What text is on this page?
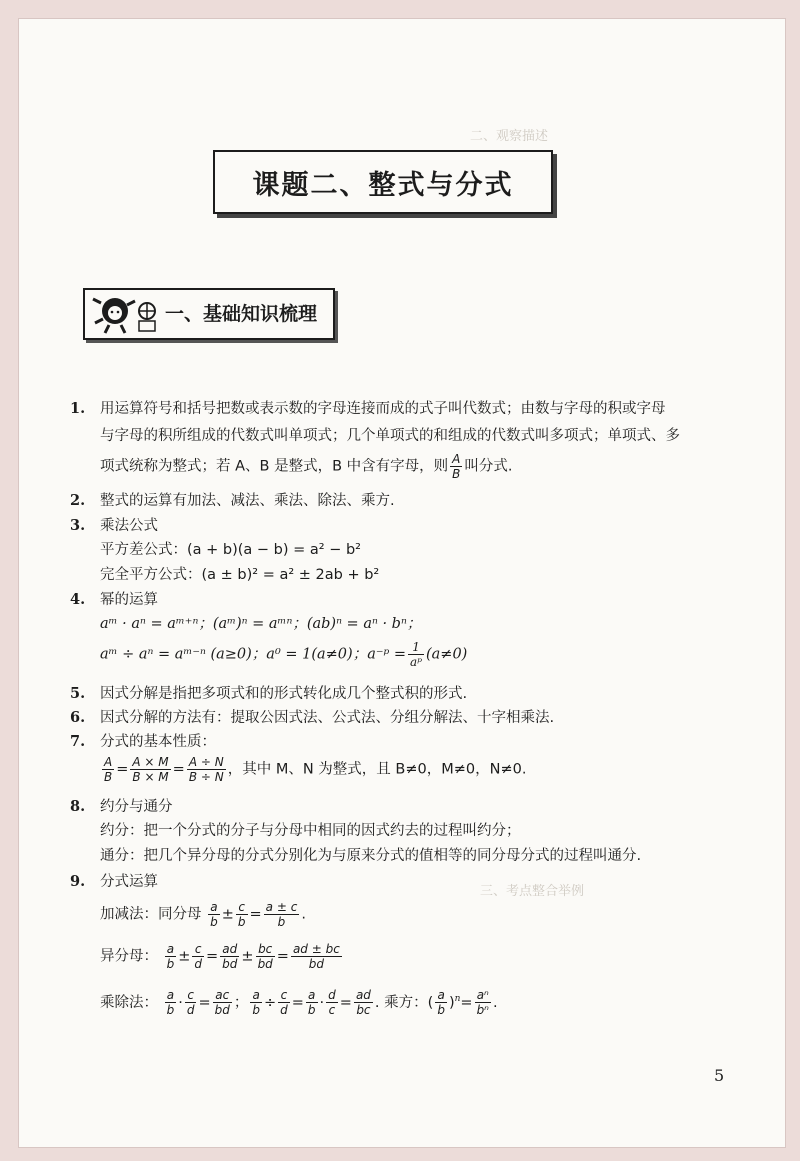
二、观察描述
三、考点整合举例
课题二、整式与分式
一、基础知识梳理
1. 用运算符号和括号把数或表示数的字母连接而成的式子叫代数式；由数与字母的积或字母
与字母的积所组成的代数式叫单项式；几个单项式的和组成的代数式叫多项式；单项式、多
项式统称为整式；若 A、B 是整式，B 中含有字母，则 $\frac{A}{B}$ 叫分式.
2. 整式的运算有加法、减法、乘法、除法、乘方.
3. 乘法公式
平方差公式：(a + b)(a − b) = a² − b²
完全平方公式：(a ± b)² = a² ± 2ab + b²
4. 幂的运算
aᵐ · aⁿ = aᵐ⁺ⁿ；(aᵐ)ⁿ = aᵐⁿ；(ab)ⁿ = aⁿ · bⁿ；
aᵐ ÷ aⁿ = aᵐ⁻ⁿ (a≥0)；a⁰ = 1(a≠0)；a⁻ᵖ = $\frac{1}{\text{aᵖ}} (a\ne 0)$
5. 因式分解是指把多项式和的形式转化成几个整式积的形式.
6. 因式分解的方法有：提取公因式法、公式法、分组分解法、十字相乘法.
7. 分式的基本性质：
$\frac{A}{B} = \frac{A \times M}{B \times M} = \frac{A \div N}{B \div N}$ ，其中 M、N 为整式，且 B≠0，M≠0，N≠0.
8. 约分与通分
约分：把一个分式的分子与分母中相同的因式约去的过程叫约分；
通分：把几个异分母的分式分别化为与原来分式的值相等的同分母分式的过程叫通分.
9. 分式运算
加减法：同分母 $\frac{a}{b} \pm \frac{c}{b} = \frac{a \pm c}{b}$ .
异分母： $\frac{a}{b} \pm \frac{c}{d} = \frac{ad}{bd} \pm \frac{bc}{bd} = \frac{ad \pm bc}{bd}$
乘除法： $\frac{a}{b} \cdot \frac{c}{d} = \frac{ac}{bd}$ ； $\frac{a}{b} \div \frac{c}{d} = \frac{a}{b} \cdot \frac{d}{c} = \frac{ad}{bc}$ . 乘方：( $\frac{a}{b} )^n= \frac{\text{aⁿ}}{\text{bⁿ}}$ .
5
